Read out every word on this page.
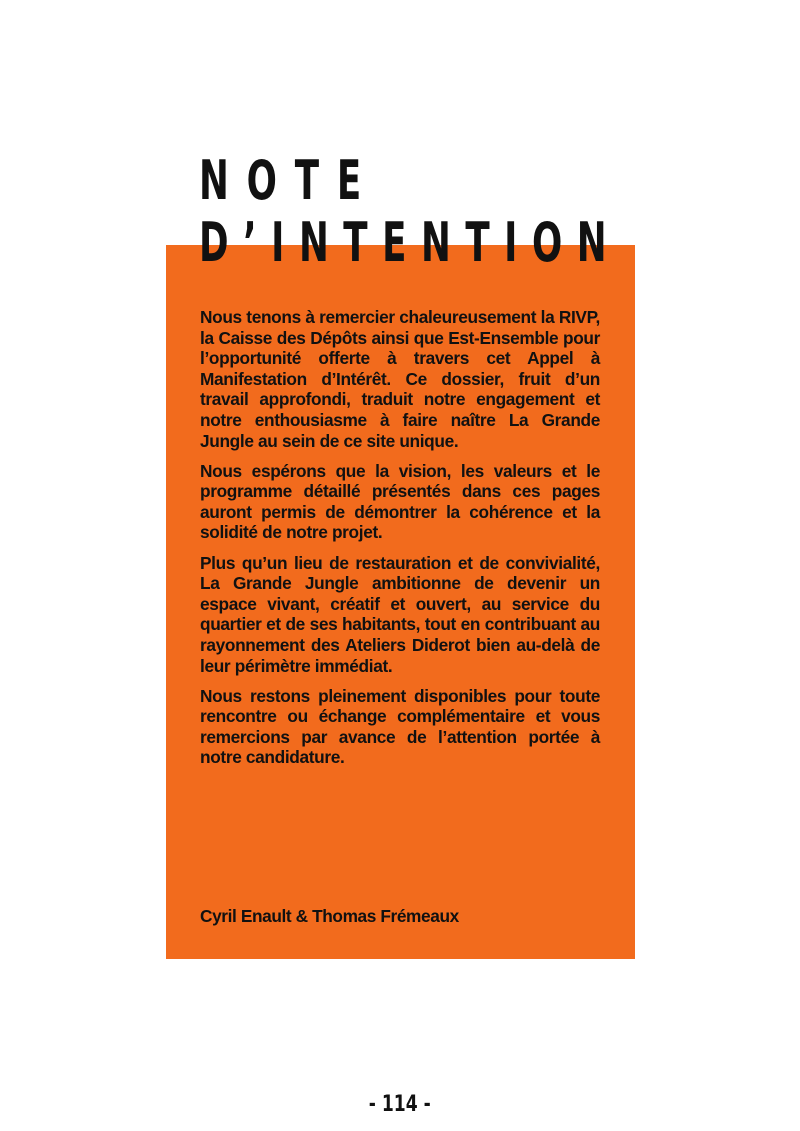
NOTE
D’INTENTION

Nous tenons à remercier chaleureusement la RIVP, la Caisse des Dépôts ainsi que Est-Ensemble pour l’opportunité offerte à travers cet Appel à Manifestation d’Intérêt. Ce dossier, fruit d’un travail approfondi, traduit notre engagement et notre enthousiasme à faire naître La Grande Jungle au sein de ce site unique.

Nous espérons que la vision, les valeurs et le programme détaillé présentés dans ces pages auront permis de démontrer la cohérence et la solidité de notre projet.

Plus qu’un lieu de restauration et de convivialité, La Grande Jungle ambitionne de devenir un espace vivant, créatif et ouvert, au service du quartier et de ses habitants, tout en contribuant au rayonnement des Ateliers Diderot bien au-delà de leur périmètre immédiat.

Nous restons pleinement disponibles pour toute rencontre ou échange complémentaire et vous remercions par avance de l’attention portée à notre candidature.

Cyril Enault & Thomas Frémeaux
- 114 -
